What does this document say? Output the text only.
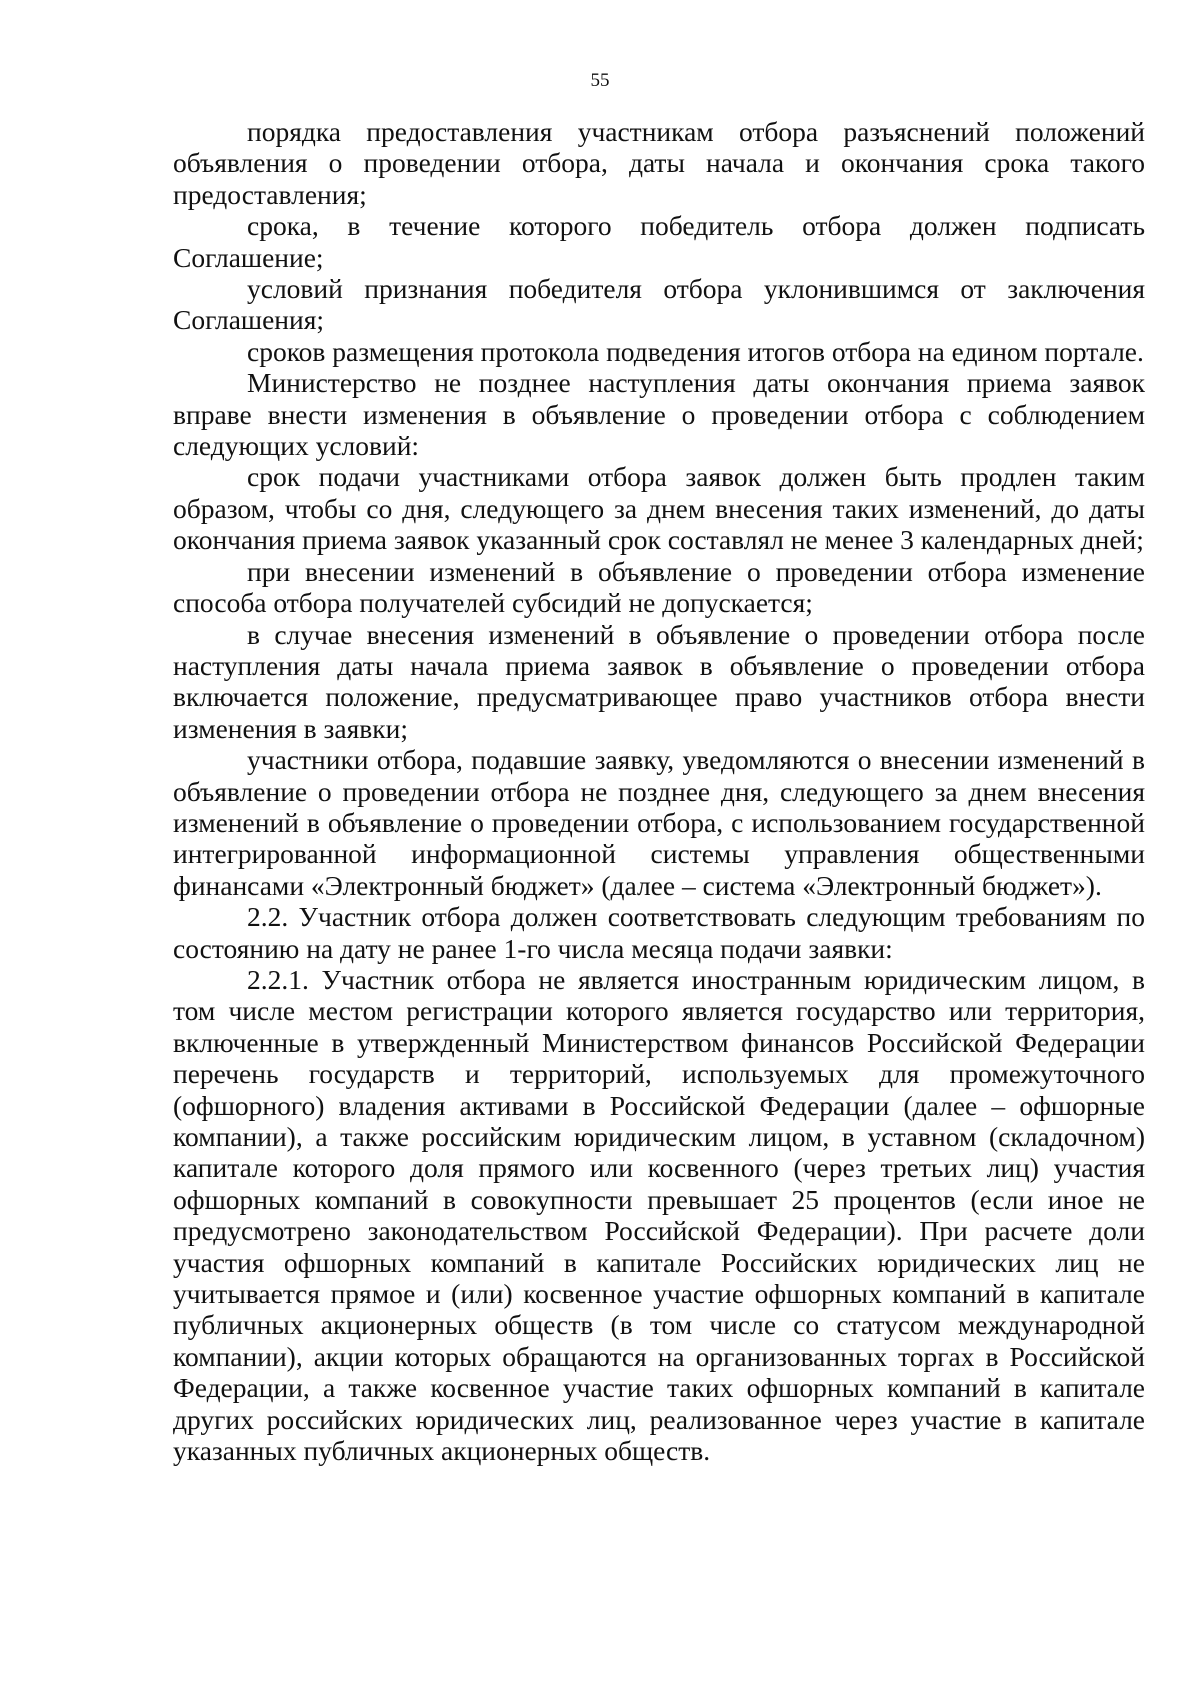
55

порядка предоставления участникам отбора разъяснений положений объявления о проведении отбора, даты начала и окончания срока такого предоставления;

срока, в течение которого победитель отбора должен подписать Соглашение;

условий признания победителя отбора уклонившимся от заключения Соглашения;

сроков размещения протокола подведения итогов отбора на едином портале.

Министерство не позднее наступления даты окончания приема заявок вправе внести изменения в объявление о проведении отбора с соблюдением следующих условий:

срок подачи участниками отбора заявок должен быть продлен таким образом, чтобы со дня, следующего за днем внесения таких изменений, до даты окончания приема заявок указанный срок составлял не менее 3 календарных дней;

при внесении изменений в объявление о проведении отбора изменение способа отбора получателей субсидий не допускается;

в случае внесения изменений в объявление о проведении отбора после наступления даты начала приема заявок в объявление о проведении отбора включается положение, предусматривающее право участников отбора внести изменения в заявки;

участники отбора, подавшие заявку, уведомляются о внесении изменений в объявление о проведении отбора не позднее дня, следующего за днем внесения изменений в объявление о проведении отбора, с использованием государственной интегрированной информационной системы управления общественными финансами «Электронный бюджет» (далее – система «Электронный бюджет»).

2.2. Участник отбора должен соответствовать следующим требованиям по состоянию на дату не ранее 1-го числа месяца подачи заявки:

2.2.1. Участник отбора не является иностранным юридическим лицом, в том числе местом регистрации которого является государство или территория, включенные в утвержденный Министерством финансов Российской Федерации перечень государств и территорий, используемых для промежуточного (офшорного) владения активами в Российской Федерации (далее – офшорные компании), а также российским юридическим лицом, в уставном (складочном) капитале которого доля прямого или косвенного (через третьих лиц) участия офшорных компаний в совокупности превышает 25 процентов (если иное не предусмотрено законодательством Российской Федерации). При расчете доли участия офшорных компаний в капитале Российских юридических лиц не учитывается прямое и (или) косвенное участие офшорных компаний в капитале публичных акционерных обществ (в том числе со статусом международной компании), акции которых обращаются на организованных торгах в Российской Федерации, а также косвенное участие таких офшорных компаний в капитале других российских юридических лиц, реализованное через участие в капитале указанных публичных акционерных обществ.
